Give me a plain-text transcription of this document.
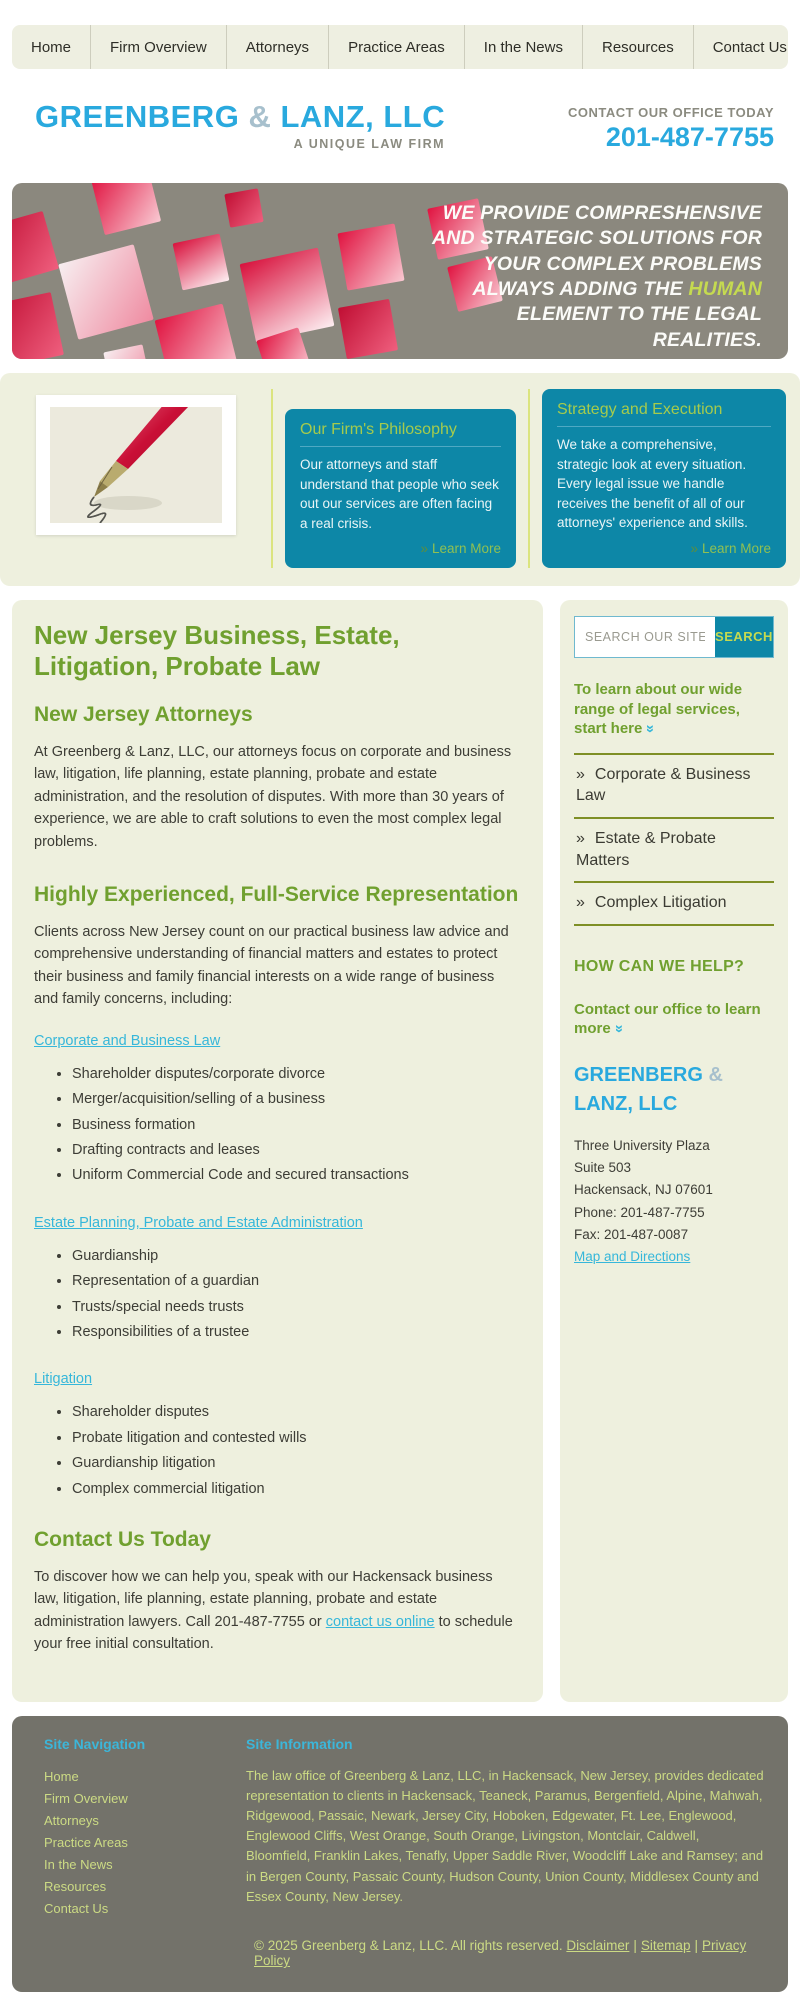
Home	Firm Overview	Attorneys	Practice Areas	In the News	Resources	Contact Us
GREENBERG & LANZ, LLC
A UNIQUE LAW FIRM
CONTACT OUR OFFICE TODAY
201-487-7755
WE PROVIDE COMPRESHENSIVE AND STRATEGIC SOLUTIONS FOR YOUR COMPLEX PROBLEMS ALWAYS ADDING THE HUMAN ELEMENT TO THE LEGAL REALITIES.
Our Firm's Philosophy
Our attorneys and staff understand that people who seek out our services are often facing a real crisis.
» Learn More
Strategy and Execution
We take a comprehensive, strategic look at every situation. Every legal issue we handle receives the benefit of all of our attorneys' experience and skills.
» Learn More
New Jersey Business, Estate, Litigation, Probate Law
New Jersey Attorneys

At Greenberg & Lanz, LLC, our attorneys focus on corporate and business law, litigation, life planning, estate planning, probate and estate administration, and the resolution of disputes. With more than 30 years of experience, we are able to craft solutions to even the most complex legal problems.

Highly Experienced, Full-Service Representation

Clients across New Jersey count on our practical business law advice and comprehensive understanding of financial matters and estates to protect their business and family financial interests on a wide range of business and family concerns, including:

Corporate and Business Law
• Shareholder disputes/corporate divorce
• Merger/acquisition/selling of a business
• Business formation
• Drafting contracts and leases
• Uniform Commercial Code and secured transactions
Estate Planning, Probate and Estate Administration
• Guardianship
• Representation of a guardian
• Trusts/special needs trusts
• Responsibilities of a trustee
Litigation
• Shareholder disputes
• Probate litigation and contested wills
• Guardianship litigation
• Complex commercial litigation
Contact Us Today

To discover how we can help you, speak with our Hackensack business law, litigation, life planning, estate planning, probate and estate administration lawyers. Call 201-487-7755 or contact us online to schedule your free initial consultation.

SEARCH OUR SITE...
SEARCH
To learn about our wide range of legal services, start here»
» Corporate & Business Law
» Estate & Probate Matters
» Complex Litigation
HOW CAN WE HELP?
Contact our office to learn more»
GREENBERG & LANZ, LLC
Three University Plaza
Suite 503
Hackensack, NJ 07601
Phone: 201-487-7755
Fax: 201-487-0087
Map and Directions
Site Navigation
Home
Firm Overview
Attorneys
Practice Areas
In the News
Resources
Contact Us
Site Information

The law office of Greenberg & Lanz, LLC, in Hackensack, New Jersey, provides dedicated representation to clients in Hackensack, Teaneck, Paramus, Bergenfield, Alpine, Mahwah, Ridgewood, Passaic, Newark, Jersey City, Hoboken, Edgewater, Ft. Lee, Englewood, Englewood Cliffs, West Orange, South Orange, Livingston, Montclair, Caldwell, Bloomfield, Franklin Lakes, Tenafly, Upper Saddle River, Woodcliff Lake and Ramsey; and in Bergen County, Passaic County, Hudson County, Union County, Middlesex County and Essex County, New Jersey.

© 2025 Greenberg & Lanz, LLC. All rights reserved. Disclaimer | Sitemap | Privacy Policy
